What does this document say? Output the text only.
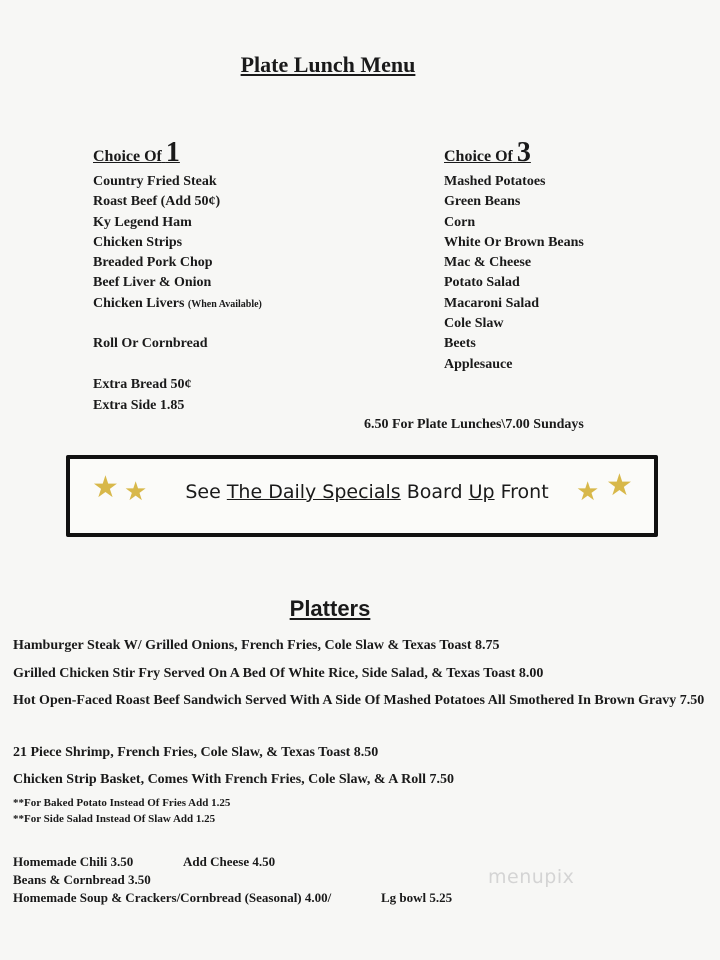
Plate Lunch Menu
Choice Of 1
Country Fried Steak
Roast Beef (Add 50¢)
Ky Legend Ham
Chicken Strips
Breaded Pork Chop
Beef Liver & Onion
Chicken Livers (When Available)
Roll Or Cornbread
Extra Bread 50¢
Extra Side 1.85
Choice Of 3
Mashed Potatoes
Green Beans
Corn
White Or Brown Beans
Mac & Cheese
Potato Salad
Macaroni Salad
Cole Slaw
Beets
Applesauce
6.50 For Plate Lunches\7.00 Sundays
★ ★	See The Daily Specials Board Up Front	★ ★
Platters
Hamburger Steak W/ Grilled Onions, French Fries, Cole Slaw & Texas Toast 8.75
Grilled Chicken Stir Fry Served On A Bed Of White Rice, Side Salad, & Texas Toast 8.00
Hot Open-Faced Roast Beef Sandwich Served With A Side Of Mashed Potatoes All Smothered In Brown Gravy 7.50
21 Piece Shrimp, French Fries, Cole Slaw, & Texas Toast 8.50
Chicken Strip Basket, Comes With French Fries, Cole Slaw, & A Roll 7.50
**For Baked Potato Instead Of Fries Add 1.25
**For Side Salad Instead Of Slaw Add 1.25
Homemade Chili 3.50	Add Cheese 4.50
Beans & Cornbread 3.50
Homemade Soup & Crackers/Cornbread (Seasonal) 4.00/	Lg bowl 5.25
menupix
